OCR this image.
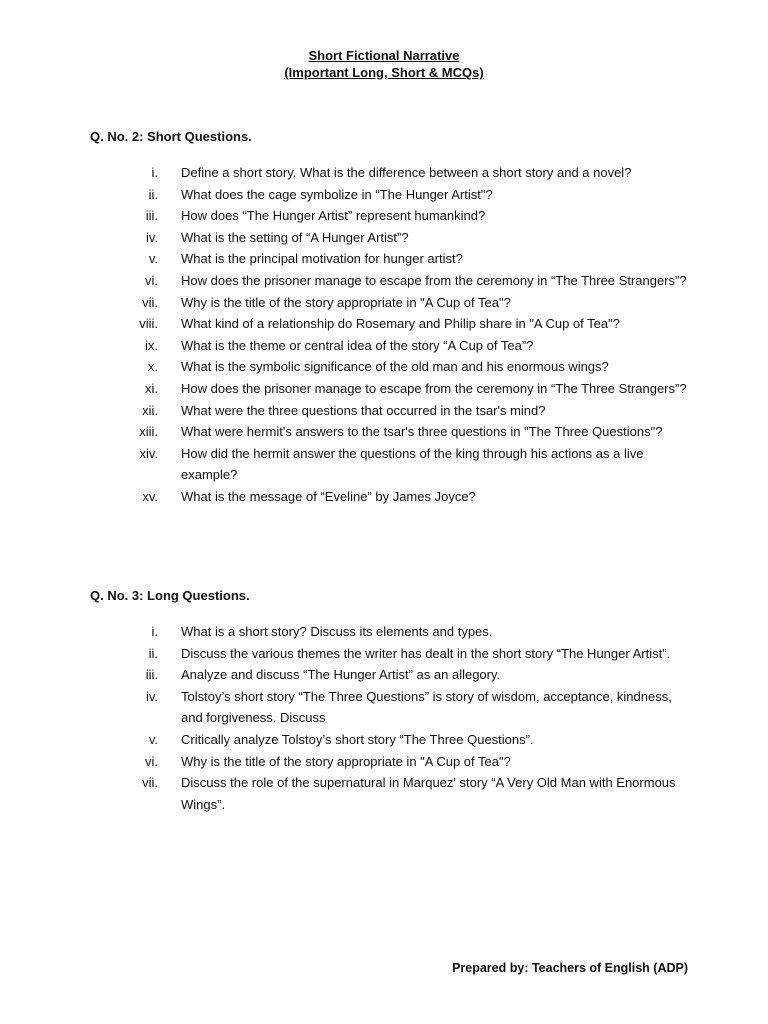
Short Fictional Narrative
(Important Long, Short & MCQs)
Q. No. 2: Short Questions.
i. Define a short story. What is the difference between a short story and a novel?
ii. What does the cage symbolize in “The Hunger Artist"?
iii. How does “The Hunger Artist” represent humankind?
iv. What is the setting of “A Hunger Artist”?
v. What is the principal motivation for hunger artist?
vi. How does the prisoner manage to escape from the ceremony in “The Three Strangers”?
vii. Why is the title of the story appropriate in "A Cup of Tea"?
viii. What kind of a relationship do Rosemary and Philip share in "A Cup of Tea"?
ix. What is the theme or central idea of the story “A Cup of Tea”?
x. What is the symbolic significance of the old man and his enormous wings?
xi. How does the prisoner manage to escape from the ceremony in “The Three Strangers”?
xii. What were the three questions that occurred in the tsar's mind?
xiii. What were hermit's answers to the tsar's three questions in "The Three Questions"?
xiv. How did the hermit answer the questions of the king through his actions as a live example?
xv. What is the message of “Eveline” by James Joyce?
Q. No. 3: Long Questions.
i. What is a short story? Discuss its elements and types.
ii. Discuss the various themes the writer has dealt in the short story “The Hunger Artist”.
iii. Analyze and discuss “The Hunger Artist” as an allegory.
iv. Tolstoy’s short story “The Three Questions” is story of wisdom, acceptance, kindness, and forgiveness. Discuss
v. Critically analyze Tolstoy’s short story “The Three Questions”.
vi. Why is the title of the story appropriate in "A Cup of Tea"?
vii. Discuss the role of the supernatural in Marquez' story “A Very Old Man with Enormous Wings”.
Prepared by: Teachers of English (ADP)
